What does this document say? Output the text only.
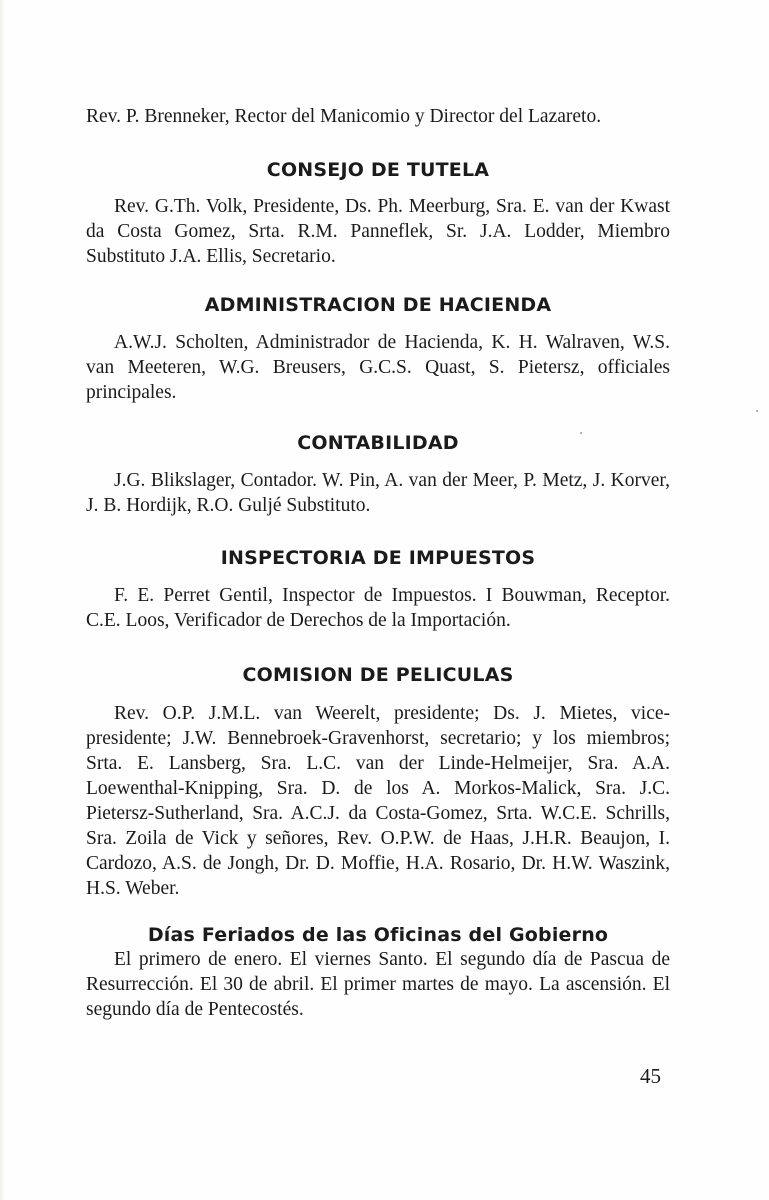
Rev. P. Brenneker, Rector del Manicomio y Director del Lazareto.

CONSEJO DE TUTELA

Rev. G.Th. Volk, Presidente, Ds. Ph. Meerburg, Sra. E. van der Kwast da Costa Gomez, Srta. R.M. Panneflek, Sr. J.A. Lodder, Miembro Substituto J.A. Ellis, Secretario.

ADMINISTRACION DE HACIENDA

A.W.J. Scholten, Administrador de Hacienda, K. H. Walraven, W.S. van Meeteren, W.G. Breusers, G.C.S. Quast, S. Pietersz, officiales principales.

CONTABILIDAD

J.G. Blikslager, Contador. W. Pin, A. van der Meer, P. Metz, J. Korver, J. B. Hordijk, R.O. Guljé Substituto.

INSPECTORIA DE IMPUESTOS

F. E. Perret Gentil, Inspector de Impuestos. I Bouwman, Receptor. C.E. Loos, Verificador de Derechos de la Importación.

COMISION DE PELICULAS

Rev. O.P. J.M.L. van Weerelt, presidente; Ds. J. Mietes, vice-presidente; J.W. Bennebroek-Gravenhorst, secretario; y los miembros; Srta. E. Lansberg, Sra. L.C. van der Linde-Helmeijer, Sra. A.A. Loewenthal-Knipping, Sra. D. de los A. Morkos-Malick, Sra. J.C. Pietersz-Sutherland, Sra. A.C.J. da Costa-Gomez, Srta. W.C.E. Schrills, Sra. Zoila de Vick y señores, Rev. O.P.W. de Haas, J.H.R. Beaujon, I. Cardozo, A.S. de Jongh, Dr. D. Moffie, H.A. Rosario, Dr. H.W. Waszink, H.S. Weber.

Días Feriados de las Oficinas del Gobierno

El primero de enero. El viernes Santo. El segundo día de Pascua de Resurrección. El 30 de abril. El primer martes de mayo. La ascensión. El segundo día de Pentecostés.

45
